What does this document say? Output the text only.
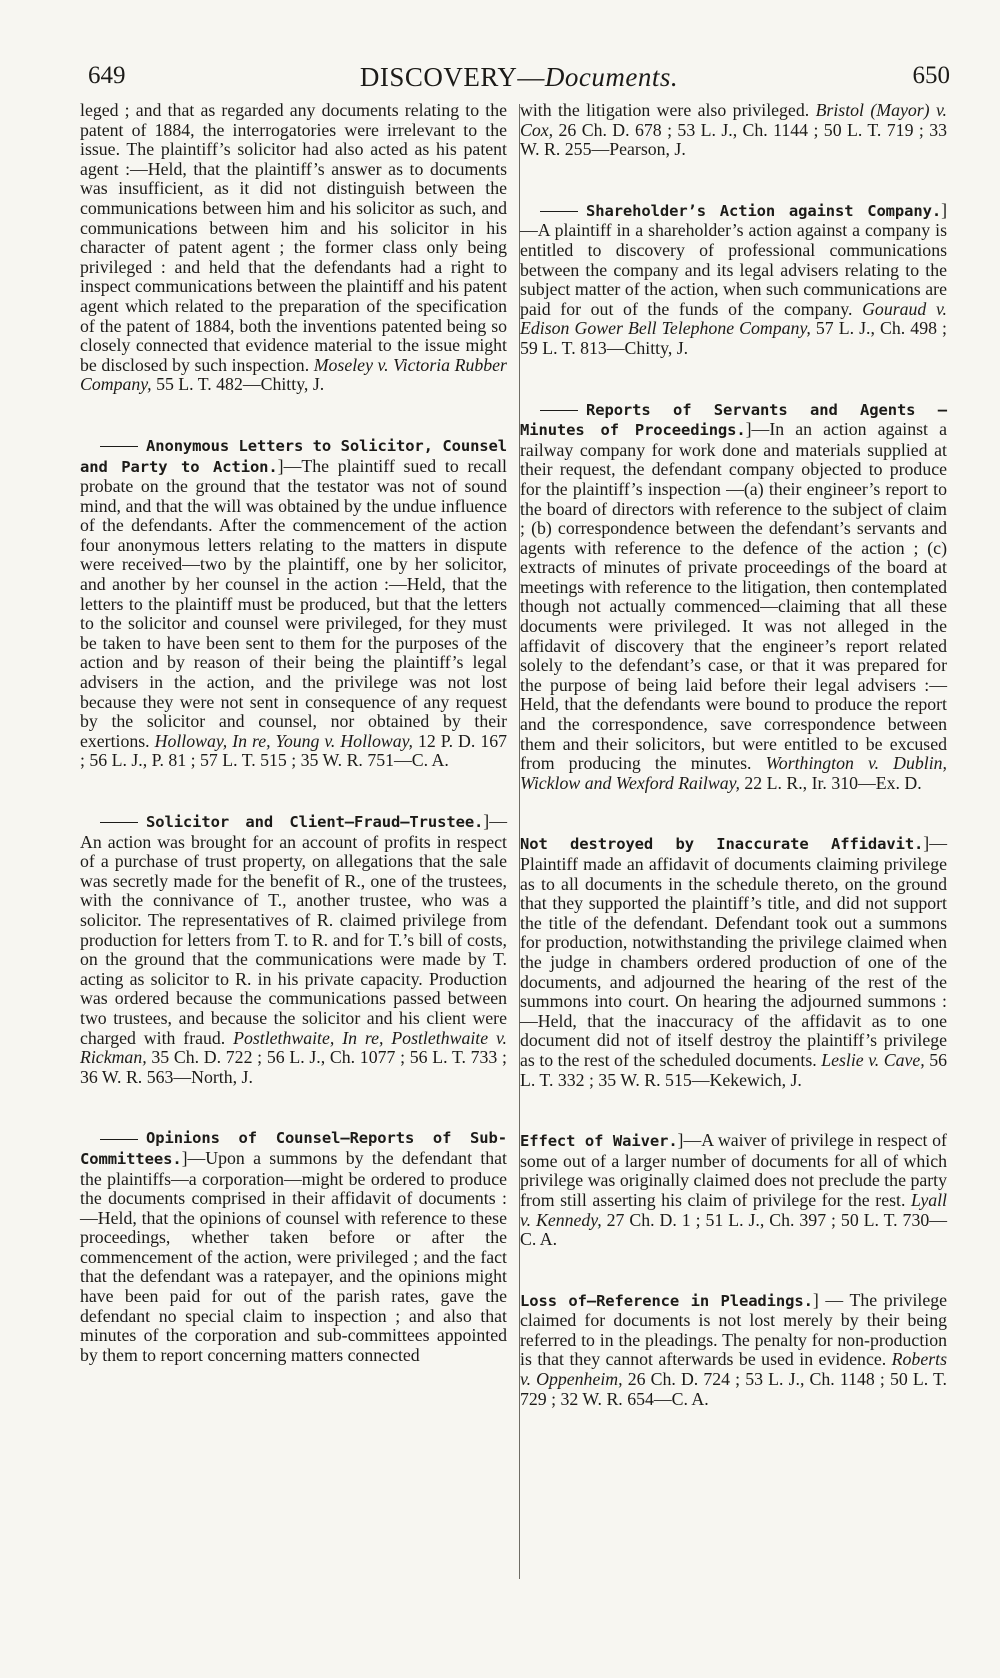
649	DISCOVERY—Documents.	650

leged ; and that as regarded any documents relating to the patent of 1884, the interrogatories were irrelevant to the issue. The plaintiff’s solicitor had also acted as his patent agent :—Held, that the plaintiff’s answer as to documents was insufficient, as it did not distinguish between the communications between him and his solicitor as such, and communications between him and his solicitor in his character of patent agent ; the former class only being privileged : and held that the defendants had a right to inspect communications between the plaintiff and his patent agent which related to the preparation of the specification of the patent of 1884, both the inventions patented being so closely connected that evidence material to the issue might be disclosed by such inspection. Moseley v. Victoria Rubber Company, 55 L. T. 482—Chitty, J.

Anonymous Letters to Solicitor, Counsel and Party to Action.]—The plaintiff sued to recall probate on the ground that the testator was not of sound mind, and that the will was obtained by the undue influence of the defendants. After the commencement of the action four anonymous letters relating to the matters in dispute were received—two by the plaintiff, one by her solicitor, and another by her counsel in the action :—Held, that the letters to the plaintiff must be produced, but that the letters to the solicitor and counsel were privileged, for they must be taken to have been sent to them for the purposes of the action and by reason of their being the plaintiff’s legal advisers in the action, and the privilege was not lost because they were not sent in consequence of any request by the solicitor and counsel, nor obtained by their exertions. Holloway, In re, Young v. Holloway, 12 P. D. 167 ; 56 L. J., P. 81 ; 57 L. T. 515 ; 35 W. R. 751—C. A.

Solicitor and Client—Fraud—Trustee.]—An action was brought for an account of profits in respect of a purchase of trust property, on allegations that the sale was secretly made for the benefit of R., one of the trustees, with the connivance of T., another trustee, who was a solicitor. The representatives of R. claimed privilege from production for letters from T. to R. and for T.’s bill of costs, on the ground that the communications were made by T. acting as solicitor to R. in his private capacity. Production was ordered because the communications passed between two trustees, and because the solicitor and his client were charged with fraud. Postlethwaite, In re, Postlethwaite v. Rickman, 35 Ch. D. 722 ; 56 L. J., Ch. 1077 ; 56 L. T. 733 ; 36 W. R. 563—North, J.

Opinions of Counsel—Reports of Sub-Committees.]—Upon a summons by the defendant that the plaintiffs—a corporation—might be ordered to produce the documents comprised in their affidavit of documents :—Held, that the opinions of counsel with reference to these proceedings, whether taken before or after the commencement of the action, were privileged ; and the fact that the defendant was a ratepayer, and the opinions might have been paid for out of the parish rates, gave the defendant no special claim to inspection ; and also that minutes of the corporation and sub-committees appointed by them to report concerning matters connected

with the litigation were also privileged. Bristol (Mayor) v. Cox, 26 Ch. D. 678 ; 53 L. J., Ch. 1144 ; 50 L. T. 719 ; 33 W. R. 255—Pearson, J.

Shareholder’s Action against Company.]—A plaintiff in a shareholder’s action against a company is entitled to discovery of professional communications between the company and its legal advisers relating to the subject matter of the action, when such communications are paid for out of the funds of the company. Gouraud v. Edison Gower Bell Telephone Company, 57 L. J., Ch. 498 ; 59 L. T. 813—Chitty, J.

Reports of Servants and Agents — Minutes of Proceedings.]—In an action against a railway company for work done and materials supplied at their request, the defendant company objected to produce for the plaintiff’s inspection —(a) their engineer’s report to the board of directors with reference to the subject of claim ; (b) correspondence between the defendant’s servants and agents with reference to the defence of the action ; (c) extracts of minutes of private proceedings of the board at meetings with reference to the litigation, then contemplated though not actually commenced—claiming that all these documents were privileged. It was not alleged in the affidavit of discovery that the engineer’s report related solely to the defendant’s case, or that it was prepared for the purpose of being laid before their legal advisers :—Held, that the defendants were bound to produce the report and the correspondence, save correspondence between them and their solicitors, but were entitled to be excused from producing the minutes. Worthington v. Dublin, Wicklow and Wexford Railway, 22 L. R., Ir. 310—Ex. D.

Not destroyed by Inaccurate Affidavit.]—Plaintiff made an affidavit of documents claiming privilege as to all documents in the schedule thereto, on the ground that they supported the plaintiff’s title, and did not support the title of the defendant. Defendant took out a summons for production, notwithstanding the privilege claimed when the judge in chambers ordered production of one of the documents, and adjourned the hearing of the rest of the summons into court. On hearing the adjourned summons :—Held, that the inaccuracy of the affidavit as to one document did not of itself destroy the plaintiff’s privilege as to the rest of the scheduled documents. Leslie v. Cave, 56 L. T. 332 ; 35 W. R. 515—Kekewich, J.

Effect of Waiver.]—A waiver of privilege in respect of some out of a larger number of documents for all of which privilege was originally claimed does not preclude the party from still asserting his claim of privilege for the rest. Lyall v. Kennedy, 27 Ch. D. 1 ; 51 L. J., Ch. 397 ; 50 L. T. 730—C. A.

Loss of—Reference in Pleadings.] — The privilege claimed for documents is not lost merely by their being referred to in the pleadings. The penalty for non-production is that they cannot afterwards be used in evidence. Roberts v. Oppenheim, 26 Ch. D. 724 ; 53 L. J., Ch. 1148 ; 50 L. T. 729 ; 32 W. R. 654—C. A.
